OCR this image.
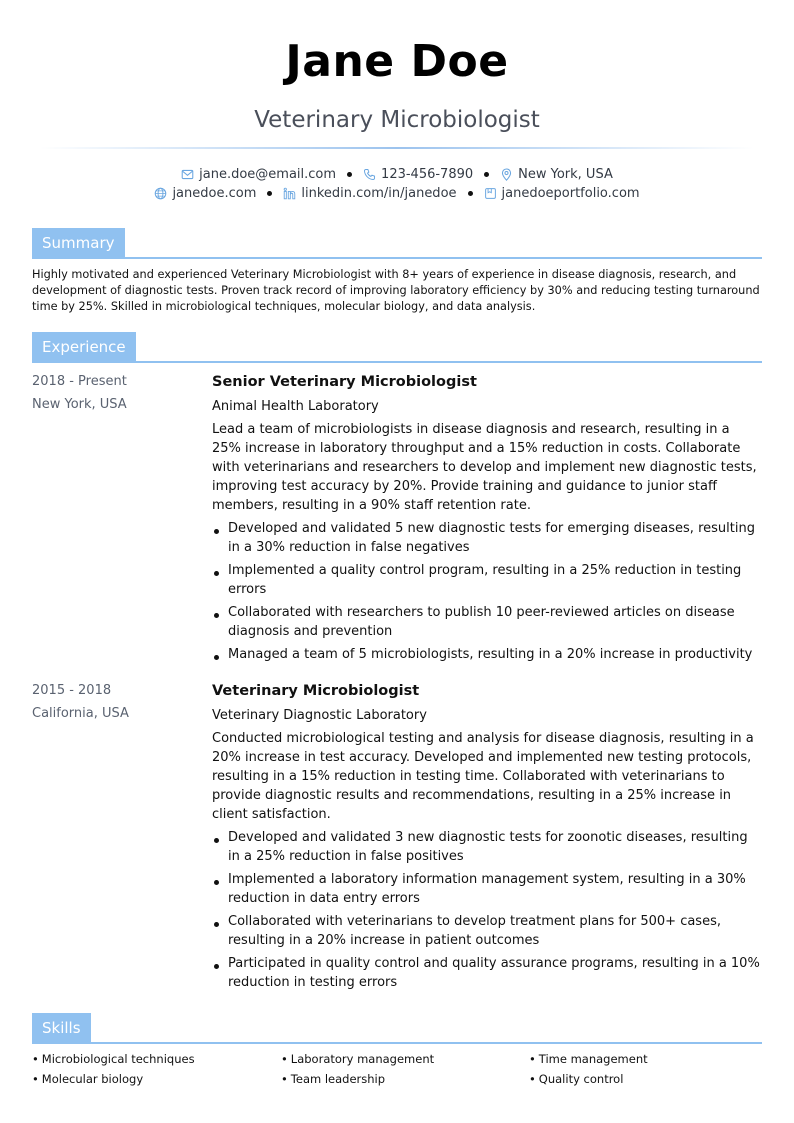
Jane Doe
Veterinary Microbiologist
jane.doe@email.com	123-456-7890	New York, USA
janedoe.com	linkedin.com/in/janedoe	janedoeportfolio.com
Summary
Highly motivated and experienced Veterinary Microbiologist with 8+ years of experience in disease diagnosis, research, and development of diagnostic tests. Proven track record of improving laboratory efficiency by 30% and reducing testing turnaround time by 25%. Skilled in microbiological techniques, molecular biology, and data analysis.
Experience
2018 - Present
New York, USA
Senior Veterinary Microbiologist
Animal Health Laboratory
Lead a team of microbiologists in disease diagnosis and research, resulting in a 25% increase in laboratory throughput and a 15% reduction in costs. Collaborate with veterinarians and researchers to develop and implement new diagnostic tests, improving test accuracy by 20%. Provide training and guidance to junior staff members, resulting in a 90% staff retention rate.
Developed and validated 5 new diagnostic tests for emerging diseases, resulting in a 30% reduction in false negatives
Implemented a quality control program, resulting in a 25% reduction in testing errors
Collaborated with researchers to publish 10 peer-reviewed articles on disease diagnosis and prevention
Managed a team of 5 microbiologists, resulting in a 20% increase in productivity
2015 - 2018
California, USA
Veterinary Microbiologist
Veterinary Diagnostic Laboratory
Conducted microbiological testing and analysis for disease diagnosis, resulting in a 20% increase in test accuracy. Developed and implemented new testing protocols, resulting in a 15% reduction in testing time. Collaborated with veterinarians to provide diagnostic results and recommendations, resulting in a 25% increase in client satisfaction.
Developed and validated 3 new diagnostic tests for zoonotic diseases, resulting in a 25% reduction in false positives
Implemented a laboratory information management system, resulting in a 30% reduction in data entry errors
Collaborated with veterinarians to develop treatment plans for 500+ cases, resulting in a 20% increase in patient outcomes
Participated in quality control and quality assurance programs, resulting in a 10% reduction in testing errors
Skills
• Microbiological techniques	• Laboratory management	• Time management
• Molecular biology	• Team leadership	• Quality control
